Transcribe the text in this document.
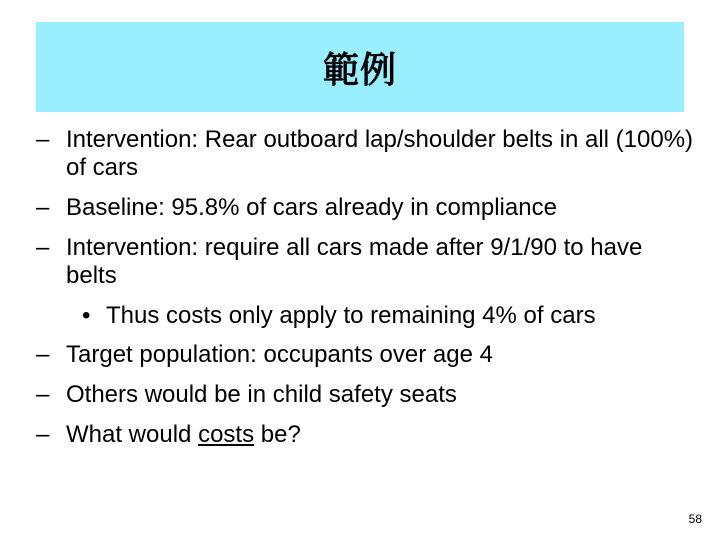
範例
– Intervention: Rear outboard lap/shoulder belts in all (100%) of cars
– Baseline: 95.8% of cars already in compliance
– Intervention: require all cars made after 9/1/90 to have belts
• Thus costs only apply to remaining 4% of cars
– Target population: occupants over age 4
– Others would be in child safety seats
– What would costs be?
58
